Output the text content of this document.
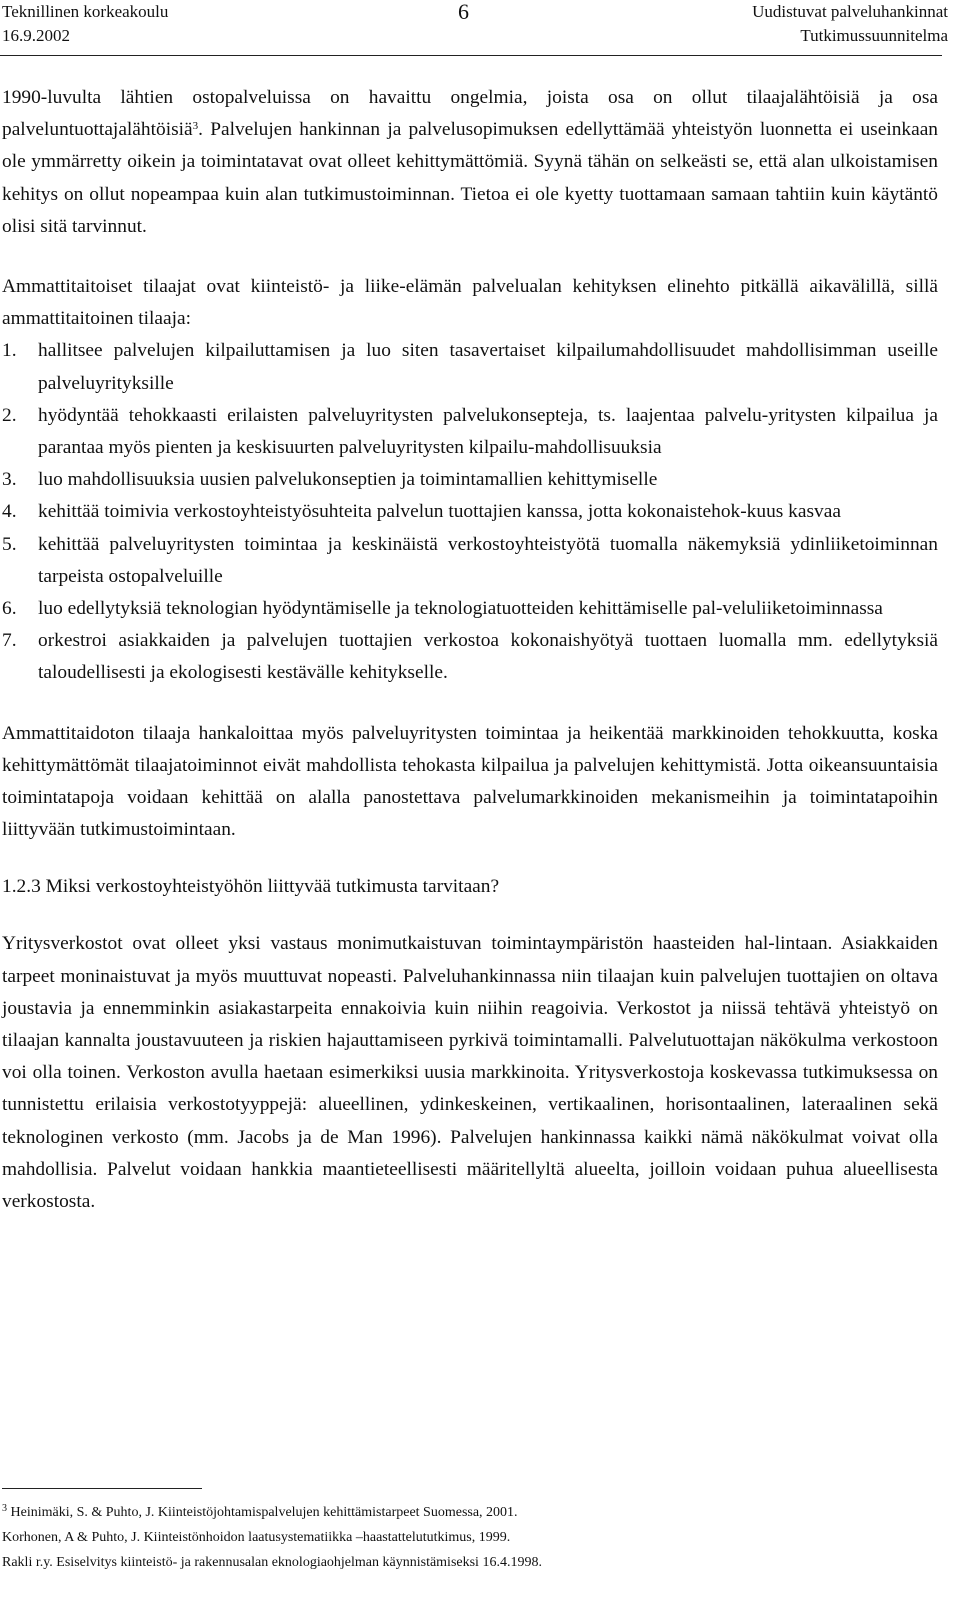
Teknillinen korkeakoulu
16.9.2002
6	Uudistuvat palveluhankinnat
Tutkimussuunnitelma

1990-luvulta lähtien ostopalveluissa on havaittu ongelmia, joista osa on ollut tilaajalähtöisiä ja osa palveluntuottajalähtöisiä$^3$. Palvelujen hankinnan ja palvelusopimuksen edellyttämää yhteistyön luonnetta ei useinkaan ole ymmärretty oikein ja toimintatavat ovat olleet kehittymättömiä. Syynä tähän on selkeästi se, että alan ulkoistamisen kehitys on ollut nopeampaa kuin alan tutkimustoiminnan. Tietoa ei ole kyetty tuottamaan samaan tahtiin kuin käytäntö olisi sitä tarvinnut.

Ammattitaitoiset tilaajat ovat kiinteistö- ja liike-elämän palvelualan kehityksen elinehto pitkällä aikavälillä, sillä ammattitaitoinen tilaaja:

1. hallitsee palvelujen kilpailuttamisen ja luo siten tasavertaiset kilpailumahdollisuudet mahdollisimman useille palveluyrityksille
2. hyödyntää tehokkaasti erilaisten palveluyritysten palvelukonsepteja, ts. laajentaa palvelu-yritysten kilpailua ja parantaa myös pienten ja keskisuurten palveluyritysten kilpailu-mahdollisuuksia
3. luo mahdollisuuksia uusien palvelukonseptien ja toimintamallien kehittymiselle
4. kehittää toimivia verkostoyhteistyösuhteita palvelun tuottajien kanssa, jotta kokonaistehok-kuus kasvaa
5. kehittää palveluyritysten toimintaa ja keskinäistä verkostoyhteistyötä tuomalla näkemyksiä ydinliiketoiminnan tarpeista ostopalveluille
6. luo edellytyksiä teknologian hyödyntämiselle ja teknologiatuotteiden kehittämiselle pal-veluliiketoiminnassa
7. orkestroi asiakkaiden ja palvelujen tuottajien verkostoa kokonaishyötyä tuottaen luomalla mm. edellytyksiä taloudellisesti ja ekologisesti kestävälle kehitykselle.

Ammattitaidoton tilaaja hankaloittaa myös palveluyritysten toimintaa ja heikentää markkinoiden tehokkuutta, koska kehittymättömät tilaajatoiminnot eivät mahdollista tehokasta kilpailua ja palvelujen kehittymistä. Jotta oikeansuuntaisia toimintatapoja voidaan kehittää on alalla panostettava palvelumarkkinoiden mekanismeihin ja toimintatapoihin liittyvään tutkimustoimintaan.

1.2.3 Miksi verkostoyhteistyöhön liittyvää tutkimusta tarvitaan?

Yritysverkostot ovat olleet yksi vastaus monimutkaistuvan toimintaympäristön haasteiden hal-lintaan. Asiakkaiden tarpeet moninaistuvat ja myös muuttuvat nopeasti. Palveluhankinnassa niin tilaajan kuin palvelujen tuottajien on oltava joustavia ja ennemminkin asiakastarpeita ennakoivia kuin niihin reagoivia. Verkostot ja niissä tehtävä yhteistyö on tilaajan kannalta joustavuuteen ja riskien hajauttamiseen pyrkivä toimintamalli. Palvelutuottajan näkökulma verkostoon voi olla toinen. Verkoston avulla haetaan esimerkiksi uusia markkinoita. Yritysverkostoja koskevassa tutkimuksessa on tunnistettu erilaisia verkostotyyppejä: alueellinen, ydinkeskeinen, vertikaalinen, horisontaalinen, lateraalinen sekä teknologinen verkosto (mm. Jacobs ja de Man 1996). Palvelujen hankinnassa kaikki nämä näkökulmat voivat olla mahdollisia. Palvelut voidaan hankkia maantieteellisesti määritellyltä alueelta, joilloin voidaan puhua alueellisesta verkostosta.

$^3$ Heinimäki, S. & Puhto, J. Kiinteistöjohtamispalvelujen kehittämistarpeet Suomessa, 2001.
Korhonen, A & Puhto, J. Kiinteistönhoidon laatusystematiikka –haastattelututkimus, 1999.
Rakli r.y. Esiselvitys kiinteistö- ja rakennusalan eknologiaohjelman käynnistämiseksi 16.4.1998.
